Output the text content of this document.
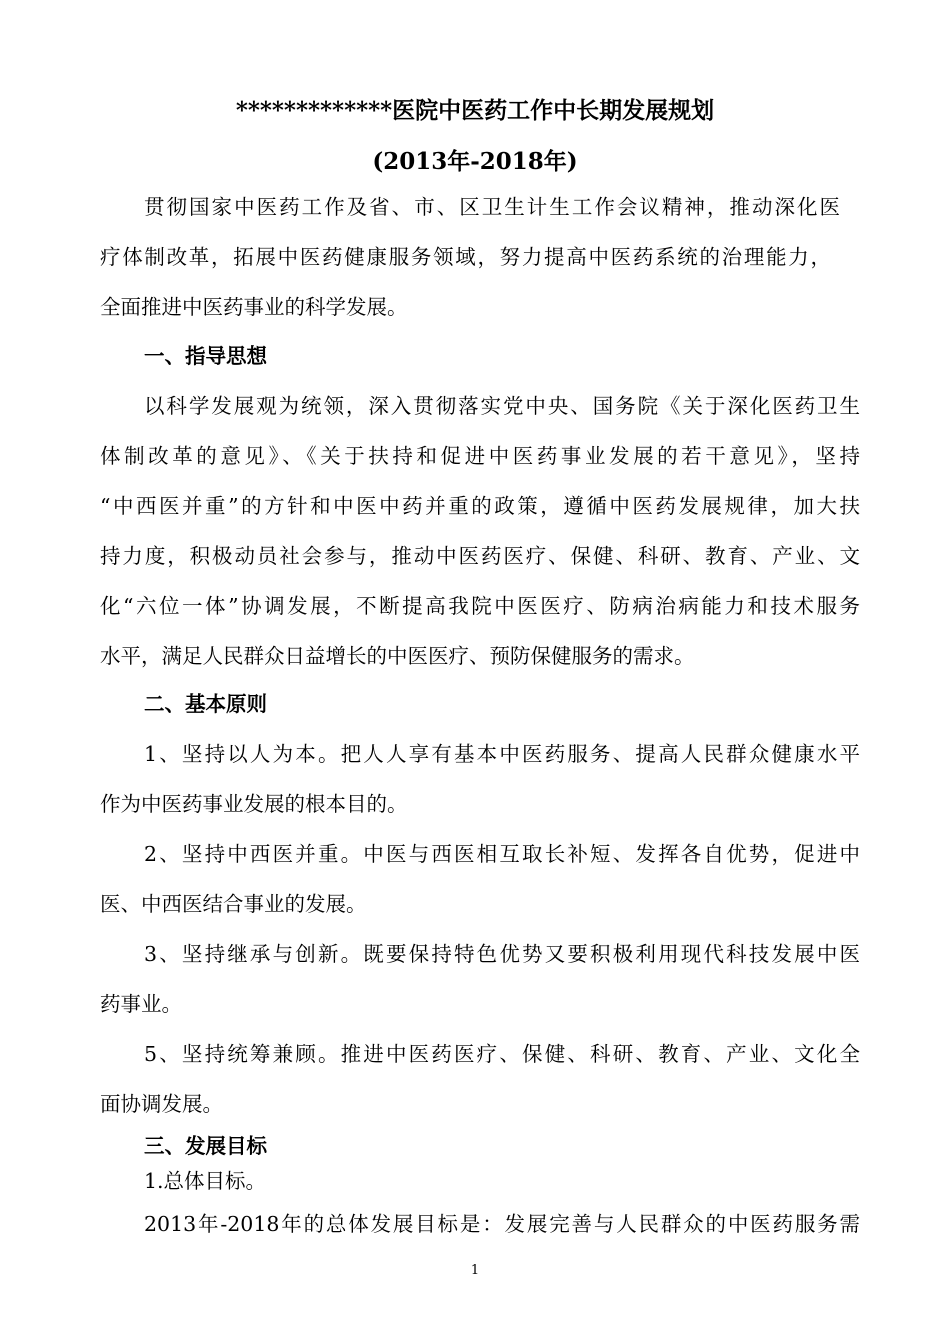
*************医院中医药工作中长期发展规划
(2013年-2018年)
贯彻国家中医药工作及省、市、区卫生计生工作会议精神，推动深化医
疗体制改革，拓展中医药健康服务领域，努力提高中医药系统的治理能力，
全面推进中医药事业的科学发展。
一、指导思想
以科学发展观为统领，深入贯彻落实党中央、国务院《关于深化医药卫生
体制改革的意见》、《关于扶持和促进中医药事业发展的若干意见》，坚持
“中西医并重”的方针和中医中药并重的政策，遵循中医药发展规律，加大扶
持力度，积极动员社会参与，推动中医药医疗、保健、科研、教育、产业、文
化“六位一体”协调发展，不断提高我院中医医疗、防病治病能力和技术服务
水平，满足人民群众日益增长的中医医疗、预防保健服务的需求。
二、基本原则
1、坚持以人为本。把人人享有基本中医药服务、提高人民群众健康水平
作为中医药事业发展的根本目的。
2、坚持中西医并重。中医与西医相互取长补短、发挥各自优势，促进中
医、中西医结合事业的发展。
3、坚持继承与创新。既要保持特色优势又要积极利用现代科技发展中医
药事业。
5、坚持统筹兼顾。推进中医药医疗、保健、科研、教育、产业、文化全
面协调发展。
三、发展目标
1.总体目标。
2013年-2018年的总体发展目标是：发展完善与人民群众的中医药服务需
1
